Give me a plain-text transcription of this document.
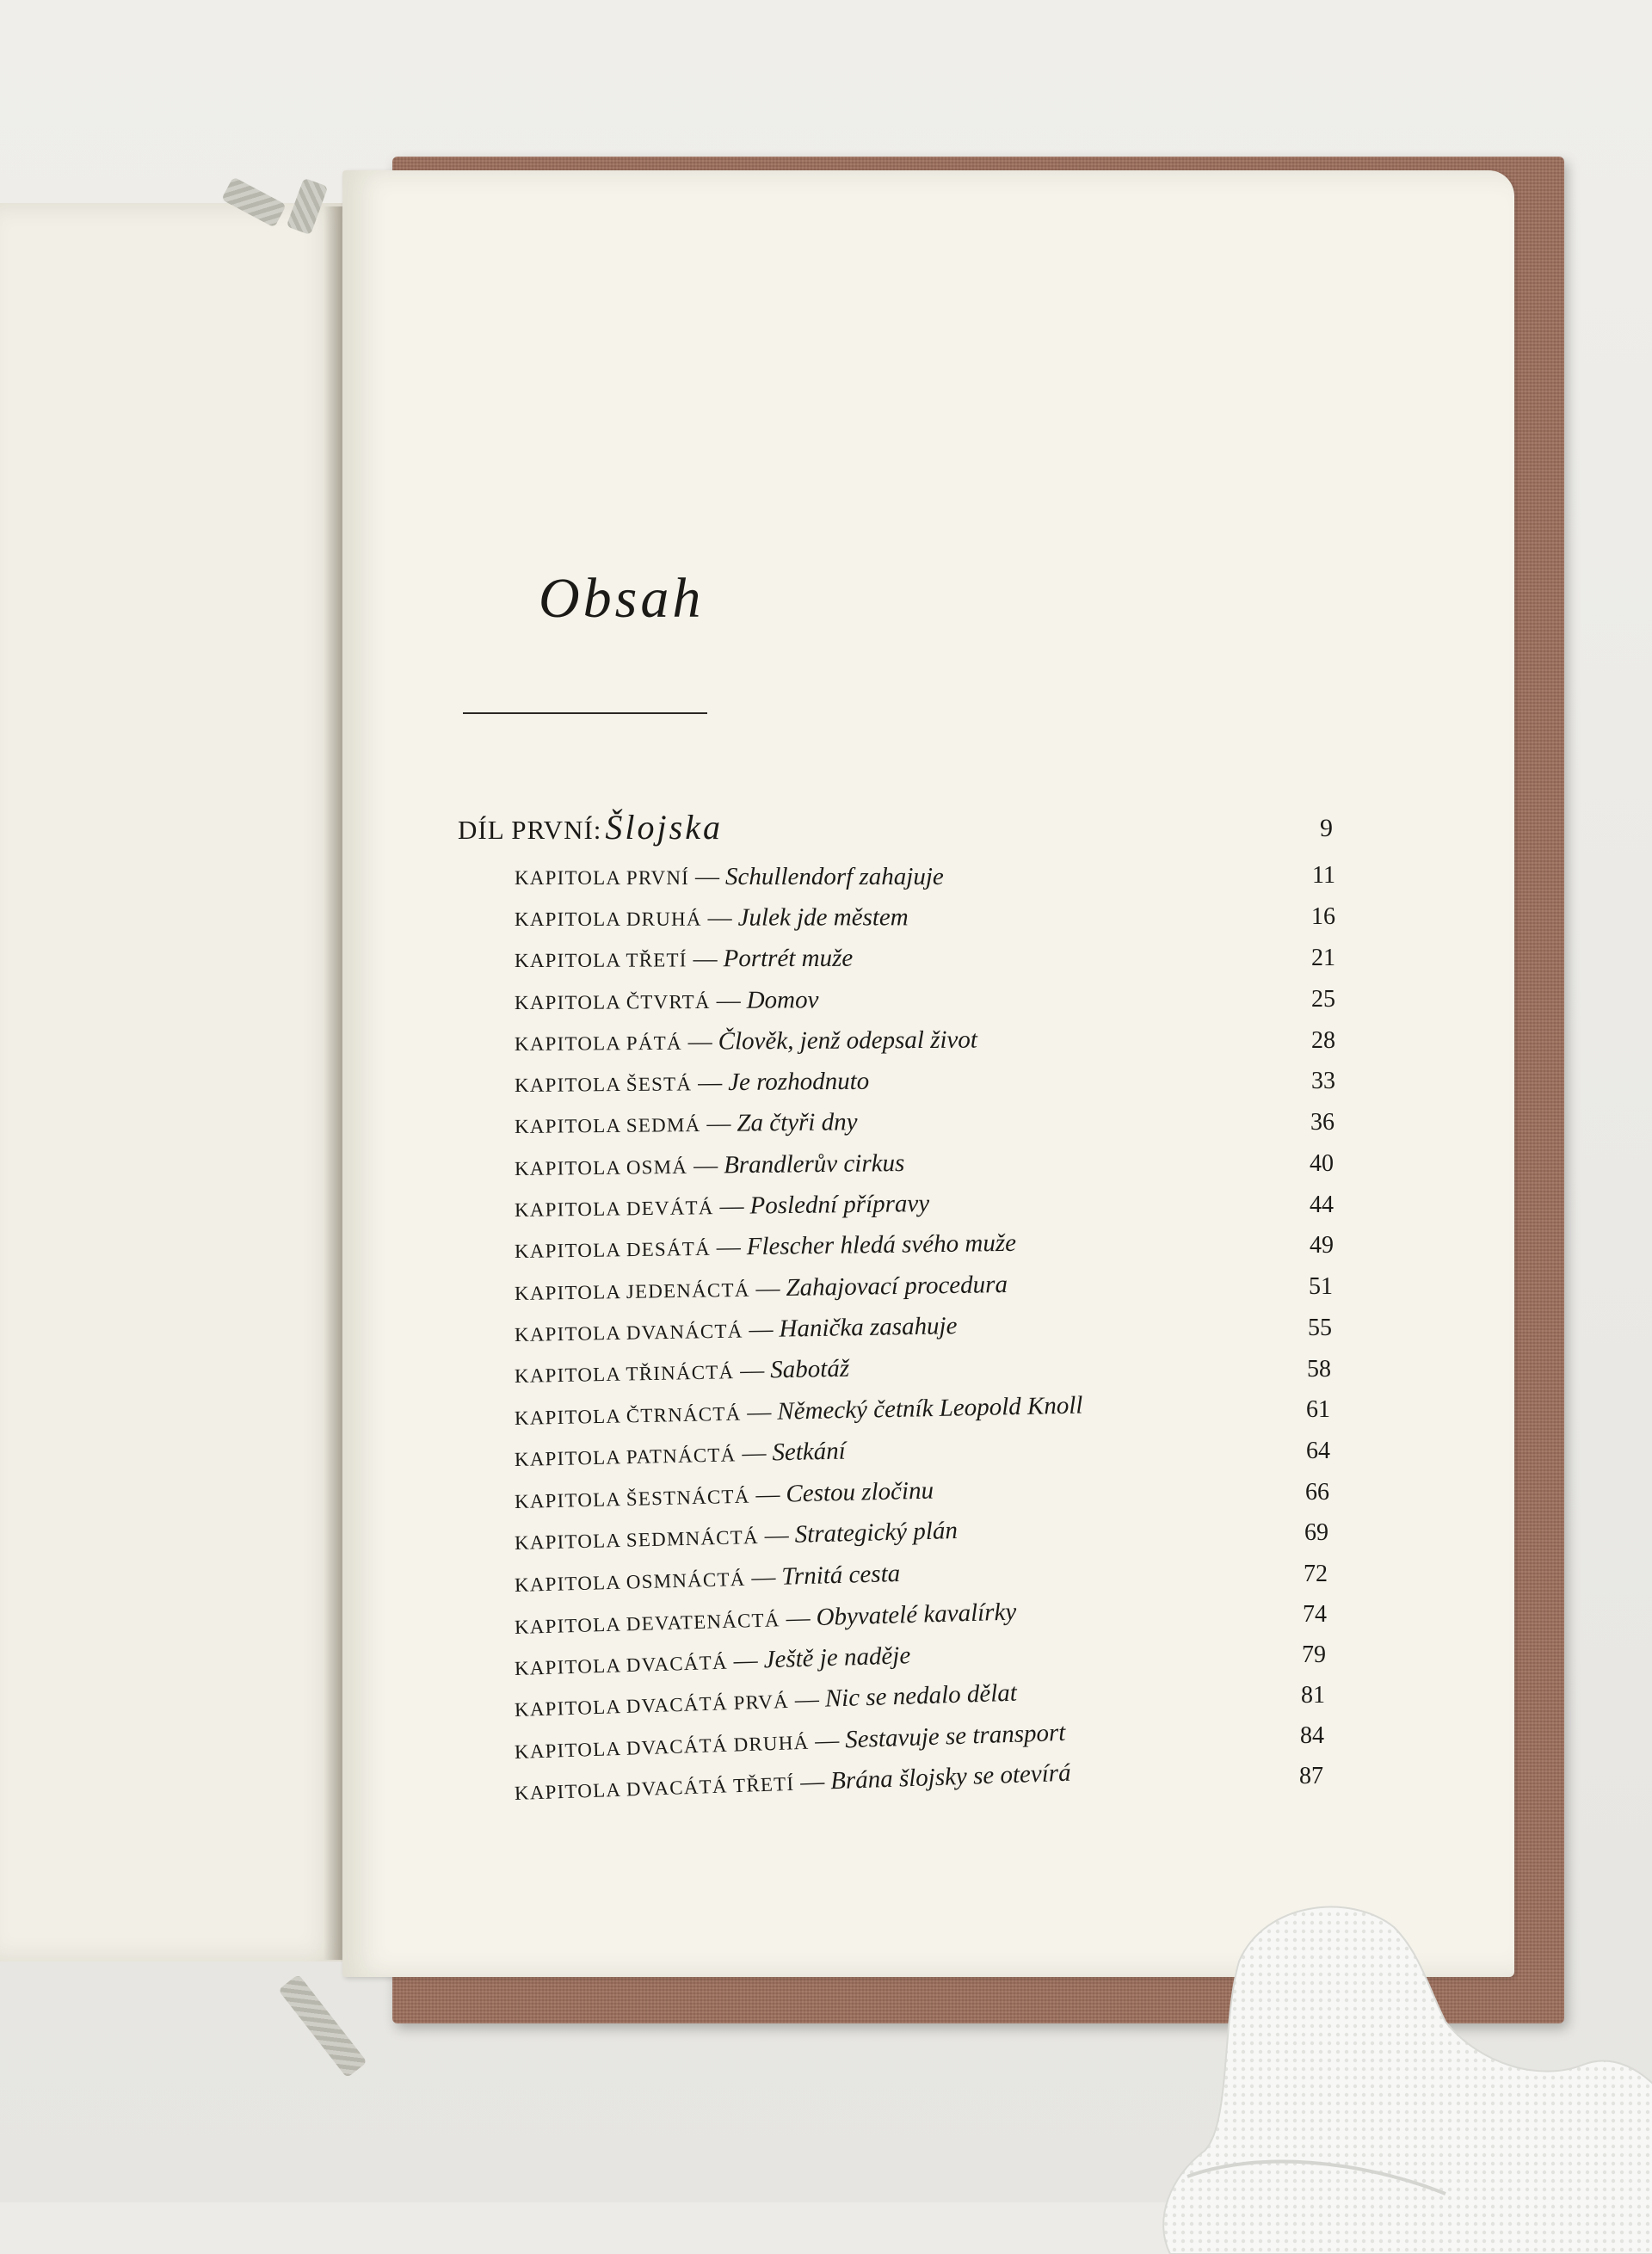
Obsah
DÍL PRVNÍ: Šlojska	9
KAPITOLA PRVNÍ — Schullendorf zahajuje	11
KAPITOLA DRUHÁ — Julek jde městem	16
KAPITOLA TŘETÍ — Portrét muže	21
KAPITOLA ČTVRTÁ — Domov	25
KAPITOLA PÁTÁ — Člověk, jenž odepsal život	28
KAPITOLA ŠESTÁ — Je rozhodnuto	33
KAPITOLA SEDMÁ — Za čtyři dny	36
KAPITOLA OSMÁ — Brandlerův cirkus	40
KAPITOLA DEVÁTÁ — Poslední přípravy	44
KAPITOLA DESÁTÁ — Flescher hledá svého muže	49
KAPITOLA JEDENÁCTÁ — Zahajovací procedura	51
KAPITOLA DVANÁCTÁ — Hanička zasahuje	55
KAPITOLA TŘINÁCTÁ — Sabotáž	58
KAPITOLA ČTRNÁCTÁ — Německý četník Leopold Knoll	61
KAPITOLA PATNÁCTÁ — Setkání	64
KAPITOLA ŠESTNÁCTÁ — Cestou zločinu	66
KAPITOLA SEDMNÁCTÁ — Strategický plán	69
KAPITOLA OSMNÁCTÁ — Trnitá cesta	72
KAPITOLA DEVATENÁCTÁ — Obyvatelé kavalírky	74
KAPITOLA DVACÁTÁ — Ještě je naděje	79
KAPITOLA DVACÁTÁ PRVÁ — Nic se nedalo dělat	81
KAPITOLA DVACÁTÁ DRUHÁ — Sestavuje se transport	84
KAPITOLA DVACÁTÁ TŘETÍ — Brána šlojsky se otevírá	87
